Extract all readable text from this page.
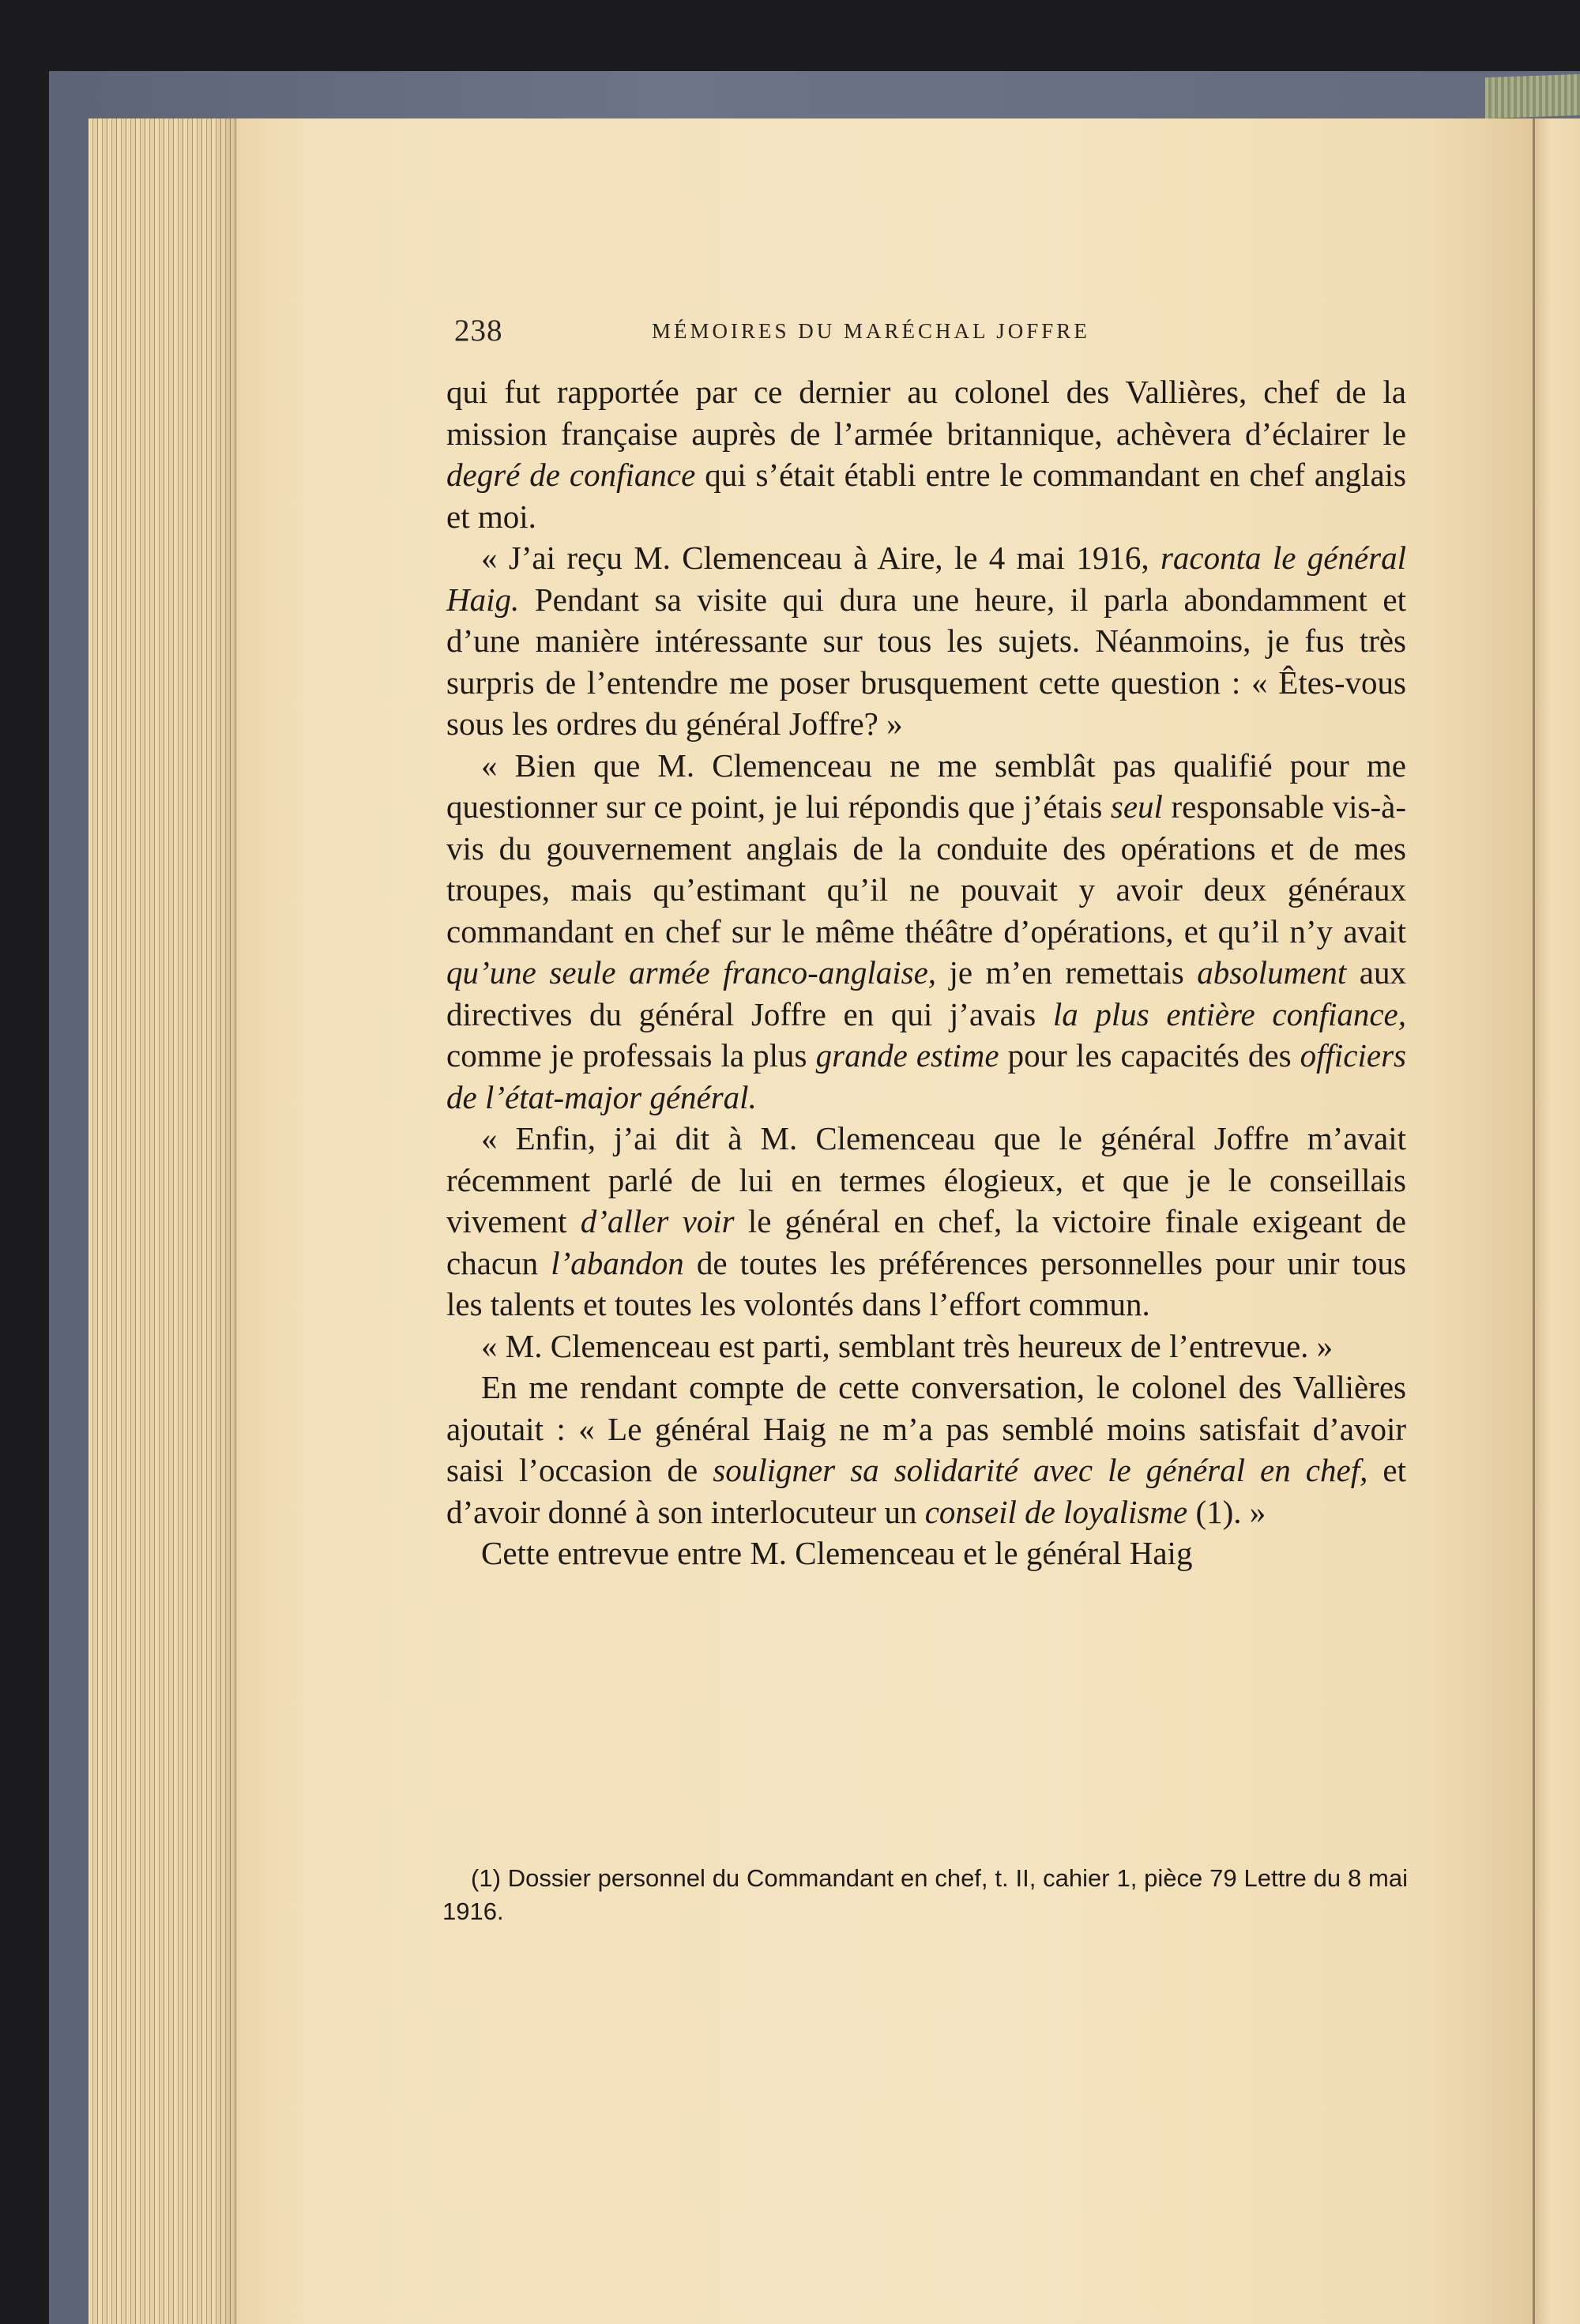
238	MÉMOIRES DU MARÉCHAL JOFFRE

qui fut rapportée par ce dernier au colonel des Vallières, chef de la mission française auprès de l’armée britannique, achèvera d’éclairer le degré de confiance qui s’était établi entre le commandant en chef anglais et moi.

« J’ai reçu M. Clemenceau à Aire, le 4 mai 1916, raconta le général Haig. Pendant sa visite qui dura une heure, il parla abondamment et d’une manière intéressante sur tous les sujets. Néanmoins, je fus très surpris de l’entendre me poser brusquement cette question : « Êtes-vous sous les ordres du général Joffre? »

« Bien que M. Clemenceau ne me semblât pas qualifié pour me questionner sur ce point, je lui répondis que j’étais seul responsable vis-à-vis du gouvernement anglais de la conduite des opérations et de mes troupes, mais qu’estimant qu’il ne pouvait y avoir deux généraux commandant en chef sur le même théâtre d’opérations, et qu’il n’y avait qu’une seule armée franco-anglaise, je m’en remettais absolument aux directives du général Joffre en qui j’avais la plus entière confiance, comme je professais la plus grande estime pour les capacités des officiers de l’état-major général.

« Enfin, j’ai dit à M. Clemenceau que le général Joffre m’avait récemment parlé de lui en termes élogieux, et que je le conseillais vivement d’aller voir le général en chef, la victoire finale exigeant de chacun l’abandon de toutes les préférences personnelles pour unir tous les talents et toutes les volontés dans l’effort commun.

« M. Clemenceau est parti, semblant très heureux de l’entrevue. »

En me rendant compte de cette conversation, le colonel des Vallières ajoutait : « Le général Haig ne m’a pas semblé moins satisfait d’avoir saisi l’occasion de souligner sa solidarité avec le général en chef, et d’avoir donné à son interlocuteur un conseil de loyalisme (1). »

Cette entrevue entre M. Clemenceau et le général Haig

(1) Dossier personnel du Commandant en chef, t. II, cahier 1, pièce 79 Lettre du 8 mai 1916.
